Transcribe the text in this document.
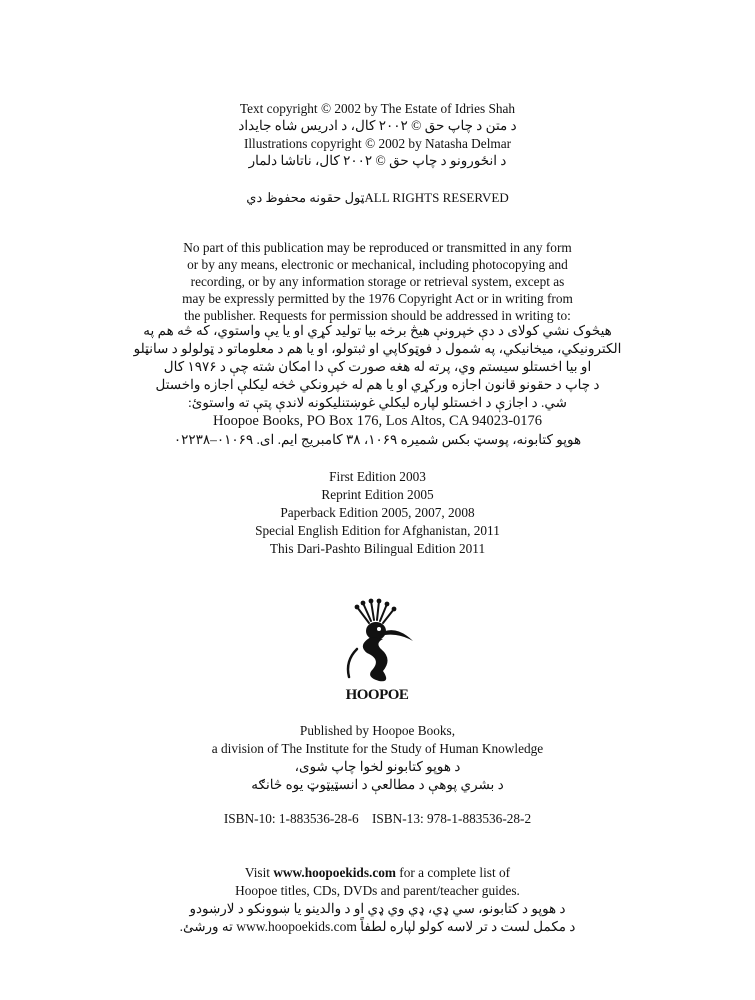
Text copyright © 2002 by The Estate of Idries Shah
د متن د چاپ حق © ۲۰۰۲ کال، د ادریس شاه جایداد
Illustrations copyright © 2002 by Natasha Delmar
د انځورونو د چاپ حق © ۲۰۰۲ کال، ناتاشا دلمار
ټول حقونه محفوظ ديALL RIGHTS RESERVED
No part of this publication may be reproduced or transmitted in any form
or by any means, electronic or mechanical, including photocopying and
recording, or by any information storage or retrieval system, except as
may be expressly permitted by the 1976 Copyright Act or in writing from
the publisher. Requests for permission should be addressed in writing to:
هیڅوک نشي کولای د دې خپرونې هیڅ برخه بیا تولید کړي او یا یې واستوي، که څه هم په
الکترونیکي، میخانیکي، په شمول د فوټوکاپي او ثبتولو، او یا هم د معلوماتو د ټولولو د سانټلو
او بیا اخستلو سیستم وي، پرته له هغه صورت کې دا امکان شته چې د ۱۹۷۶ کال
د چاپ د حقونو قانون اجازه ورکړي او یا هم له خپرونکي څخه لیکلې اجازه واخستل
شي. د اجازې د اخستلو لپاره لیکلي غوښتنلیکونه لاندې پتې ته واستوئ:
Hoopoe Books, PO Box 176, Los Altos, CA 94023-0176
هوپو کتابونه، پوسټ بکس شمیره ۱۰۶۹، ۳۸ کامبریج ایم. ای. ۰۱۰۶۹–۰۲۲۳۸
First Edition 2003
Reprint Edition 2005
Paperback Edition 2005, 2007, 2008
Special English Edition for Afghanistan, 2011
This Dari-Pashto Bilingual Edition 2011
HOOPOE
Published by Hoopoe Books,
a division of The Institute for the Study of Human Knowledge
د هوپو کتابونو لخوا چاپ شوی،
د بشري پوهې د مطالعې د انسټیټوټ یوه څانګه
ISBN-10: 1-883536-28-6 ISBN-13: 978-1-883536-28-2
Visit www.hoopoekids.com for a complete list of
Hoopoe titles, CDs, DVDs and parent/teacher guides.
د هوپو د کتابونو، سي ډي، ډي وي ډي او د والدینو یا ښوونکو د لارښودو
د مکمل لست د تر لاسه کولو لپاره لطفاً www.hoopoekids.com ته ورشئ.
